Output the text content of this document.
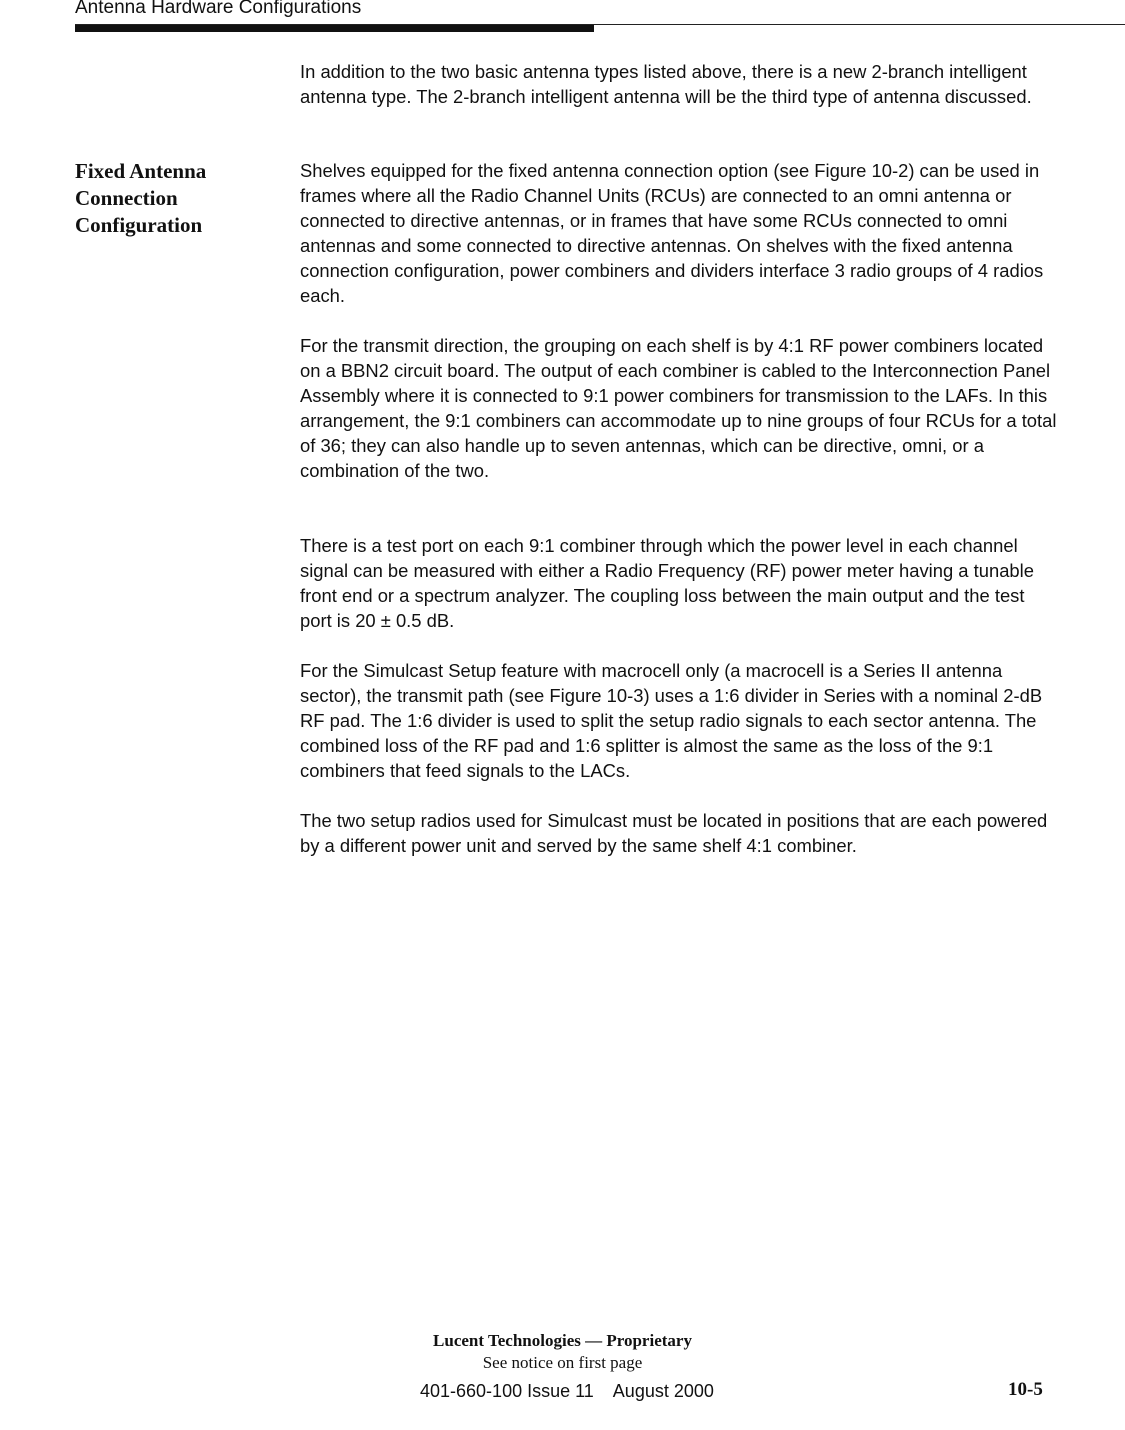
Antenna Hardware Configurations

In addition to the two basic antenna types listed above, there is a new 2-branch intelligent antenna type. The 2-branch intelligent antenna will be the third type of antenna discussed.

Fixed Antenna Connection Configuration

Shelves equipped for the fixed antenna connection option (see Figure 10-2) can be used in frames where all the Radio Channel Units (RCUs) are connected to an omni antenna or connected to directive antennas, or in frames that have some RCUs connected to omni antennas and some connected to directive antennas. On shelves with the fixed antenna connection configuration, power combiners and dividers interface 3 radio groups of 4 radios each.

For the transmit direction, the grouping on each shelf is by 4:1 RF power combiners located on a BBN2 circuit board. The output of each combiner is cabled to the Interconnection Panel Assembly where it is connected to 9:1 power combiners for transmission to the LAFs. In this arrangement, the 9:1 combiners can accommodate up to nine groups of four RCUs for a total of 36; they can also handle up to seven antennas, which can be directive, omni, or a combination of the two.

There is a test port on each 9:1 combiner through which the power level in each channel signal can be measured with either a Radio Frequency (RF) power meter having a tunable front end or a spectrum analyzer. The coupling loss between the main output and the test port is 20 ± 0.5 dB.

For the Simulcast Setup feature with macrocell only (a macrocell is a Series II antenna sector), the transmit path (see Figure 10-3) uses a 1:6 divider in Series with a nominal 2-dB RF pad. The 1:6 divider is used to split the setup radio signals to each sector antenna. The combined loss of the RF pad and 1:6 splitter is almost the same as the loss of the 9:1 combiners that feed signals to the LACs.

The two setup radios used for Simulcast must be located in positions that are each powered by a different power unit and served by the same shelf 4:1 combiner.

Lucent Technologies — Proprietary
See notice on first page
401-660-100 Issue 11    August 2000	10-5
